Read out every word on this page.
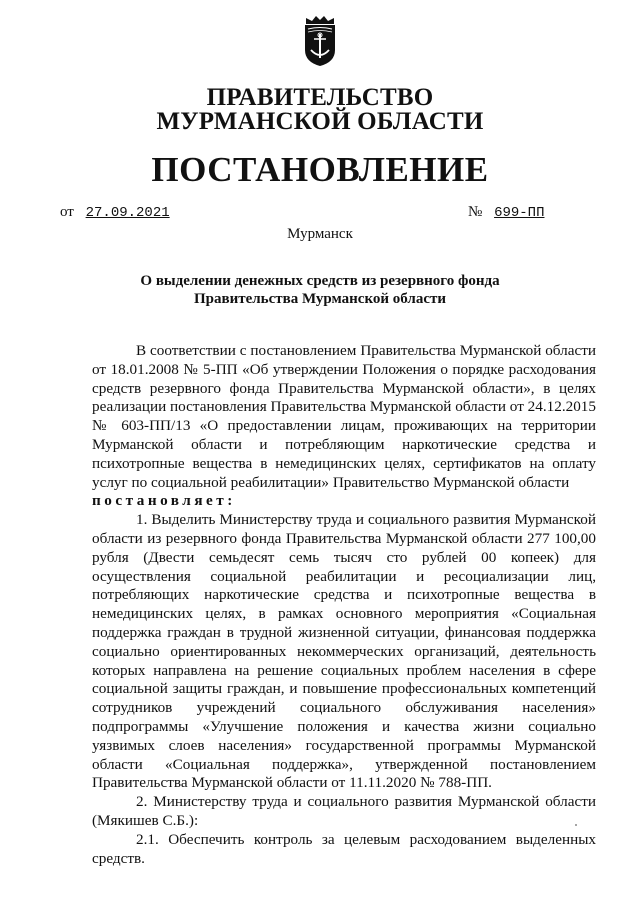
ПРАВИТЕЛЬСТВО
МУРМАНСКОЙ ОБЛАСТИ
ПОСТАНОВЛЕНИЕ
от 27.09.2021	№ 699-ПП
Мурманск
О выделении денежных средств из резервного фонда
Правительства Мурманской области

В соответствии с постановлением Правительства Мурманской области от 18.01.2008 № 5-ПП «Об утверждении Положения о порядке расходования средств резервного фонда Правительства Мурманской области», в целях реализации постановления Правительства Мурманской области от 24.12.2015 № 603-ПП/13 «О предоставлении лицам, проживающих на территории Мурманской области и потребляющим наркотические средства и психотропные вещества в немедицинских целях, сертификатов на оплату услуг по социальной реабилитации» Правительство Мурманской области

постановляет:

1. Выделить Министерству труда и социального развития Мурманской области из резервного фонда Правительства Мурманской области 277 100,00 рубля (Двести семьдесят семь тысяч сто рублей 00 копеек) для осуществления социальной реабилитации и ресоциализации лиц, потребляющих наркотические средства и психотропные вещества в немедицинских целях, в рамках основного мероприятия «Социальная поддержка граждан в трудной жизненной ситуации, финансовая поддержка социально ориентированных некоммерческих организаций, деятельность которых направлена на решение социальных проблем населения в сфере социальной защиты граждан, и повышение профессиональных компетенций сотрудников учреждений социального обслуживания населения» подпрограммы «Улучшение положения и качества жизни социально уязвимых слоев населения» государственной программы Мурманской области «Социальная поддержка», утвержденной постановлением Правительства Мурманской области от 11.11.2020 № 788-ПП.

2. Министерству труда и социального развития Мурманской области (Мякишев С.Б.):

2.1. Обеспечить контроль за целевым расходованием выделенных средств.
